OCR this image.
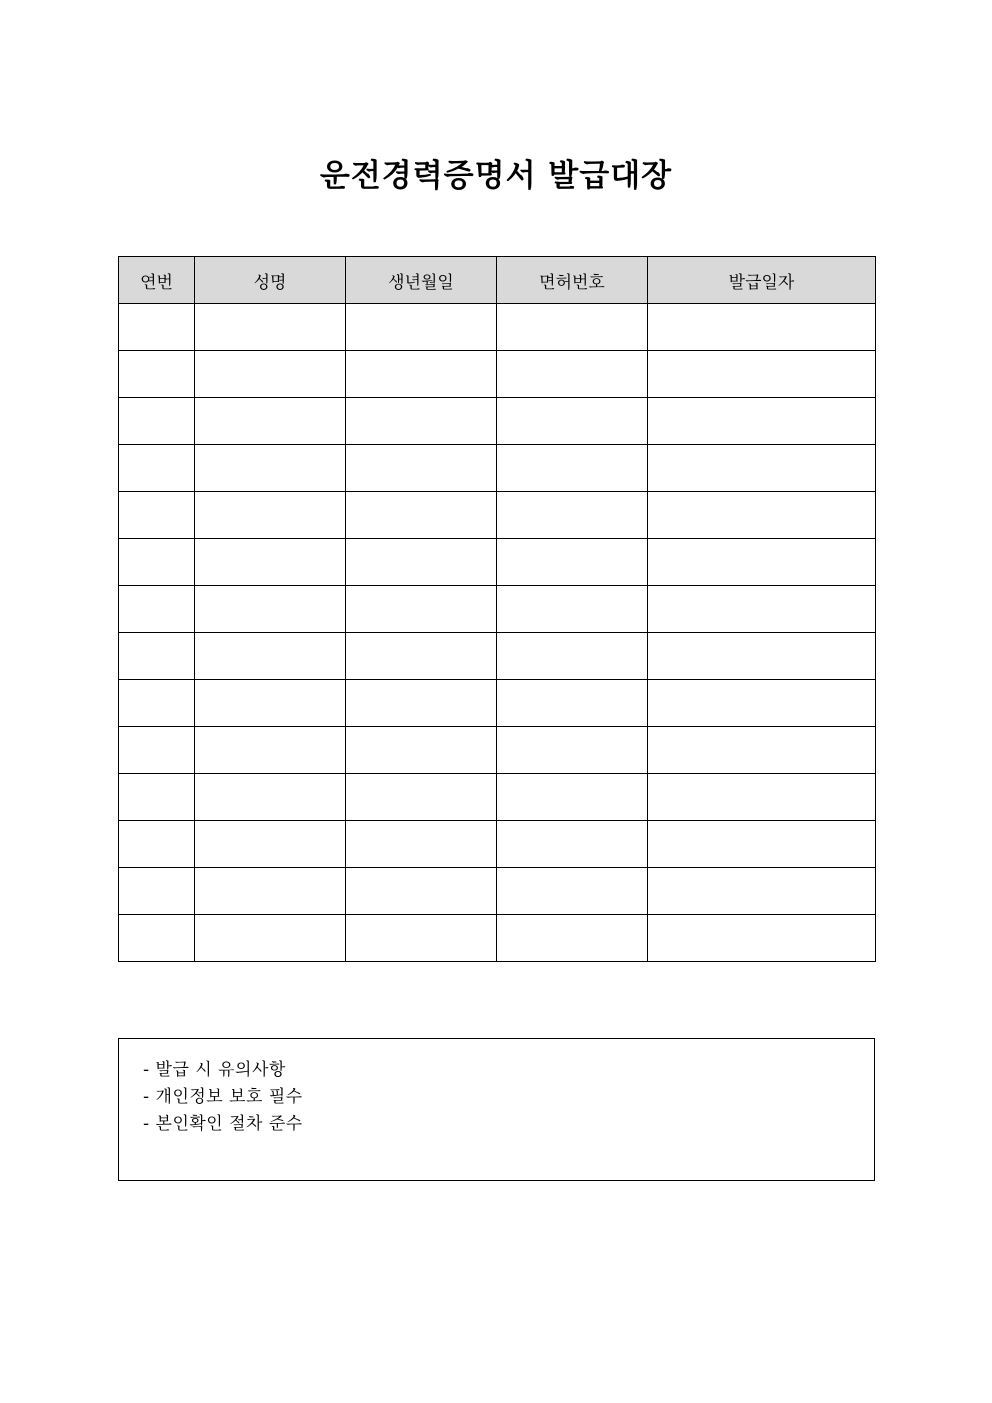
운전경력증명서 발급대장
연번	성명	생년월일	면허번호	발급일자

- 발급 시 유의사항
- 개인정보 보호 필수
- 본인확인 절차 준수
